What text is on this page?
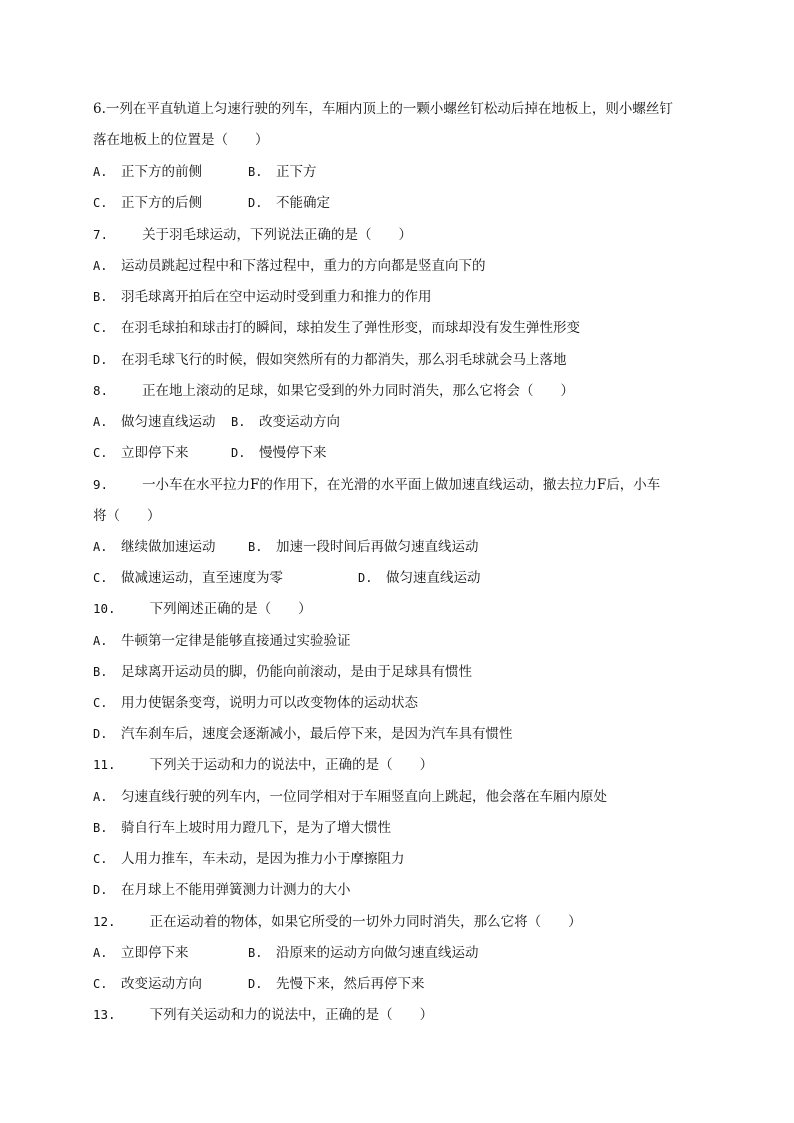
6.一列在平直轨道上匀速行驶的列车，车厢内顶上的一颗小螺丝钉松动后掉在地板上，则小螺丝钉
落在地板上的位置是（　　）
A. 正下方的前侧	B. 正下方
C. 正下方的后侧	D. 不能确定
7.	关于羽毛球运动，下列说法正确的是（　　）
A. 运动员跳起过程中和下落过程中，重力的方向都是竖直向下的
B. 羽毛球离开拍后在空中运动时受到重力和推力的作用
C. 在羽毛球拍和球击打的瞬间，球拍发生了弹性形变，而球却没有发生弹性形变
D. 在羽毛球飞行的时候，假如突然所有的力都消失，那么羽毛球就会马上落地
8.	正在地上滚动的足球，如果它受到的外力同时消失，那么它将会（　　）
A. 做匀速直线运动 B. 改变运动方向
C. 立即停下来	D. 慢慢停下来
9.	一小车在水平拉力F的作用下，在光滑的水平面上做加速直线运动，撤去拉力F后，小车
将（　　）
A. 继续做加速运动	B. 加速一段时间后再做匀速直线运动
C. 做减速运动，直至速度为零	D. 做匀速直线运动
10.	下列阐述正确的是（　　）
A. 牛顿第一定律是能够直接通过实验验证
B. 足球离开运动员的脚，仍能向前滚动，是由于足球具有惯性
C. 用力使锯条变弯，说明力可以改变物体的运动状态
D. 汽车刹车后，速度会逐渐减小，最后停下来，是因为汽车具有惯性
11.	下列关于运动和力的说法中，正确的是（　　）
A. 匀速直线行驶的列车内，一位同学相对于车厢竖直向上跳起，他会落在车厢内原处
B. 骑自行车上坡时用力蹬几下，是为了增大惯性
C. 人用力推车，车未动，是因为推力小于摩擦阻力
D. 在月球上不能用弹簧测力计测力的大小
12.	正在运动着的物体，如果它所受的一切外力同时消失，那么它将（　　）
A. 立即停下来	B. 沿原来的运动方向做匀速直线运动
C. 改变运动方向	D. 先慢下来，然后再停下来
13.	下列有关运动和力的说法中，正确的是（　　）
